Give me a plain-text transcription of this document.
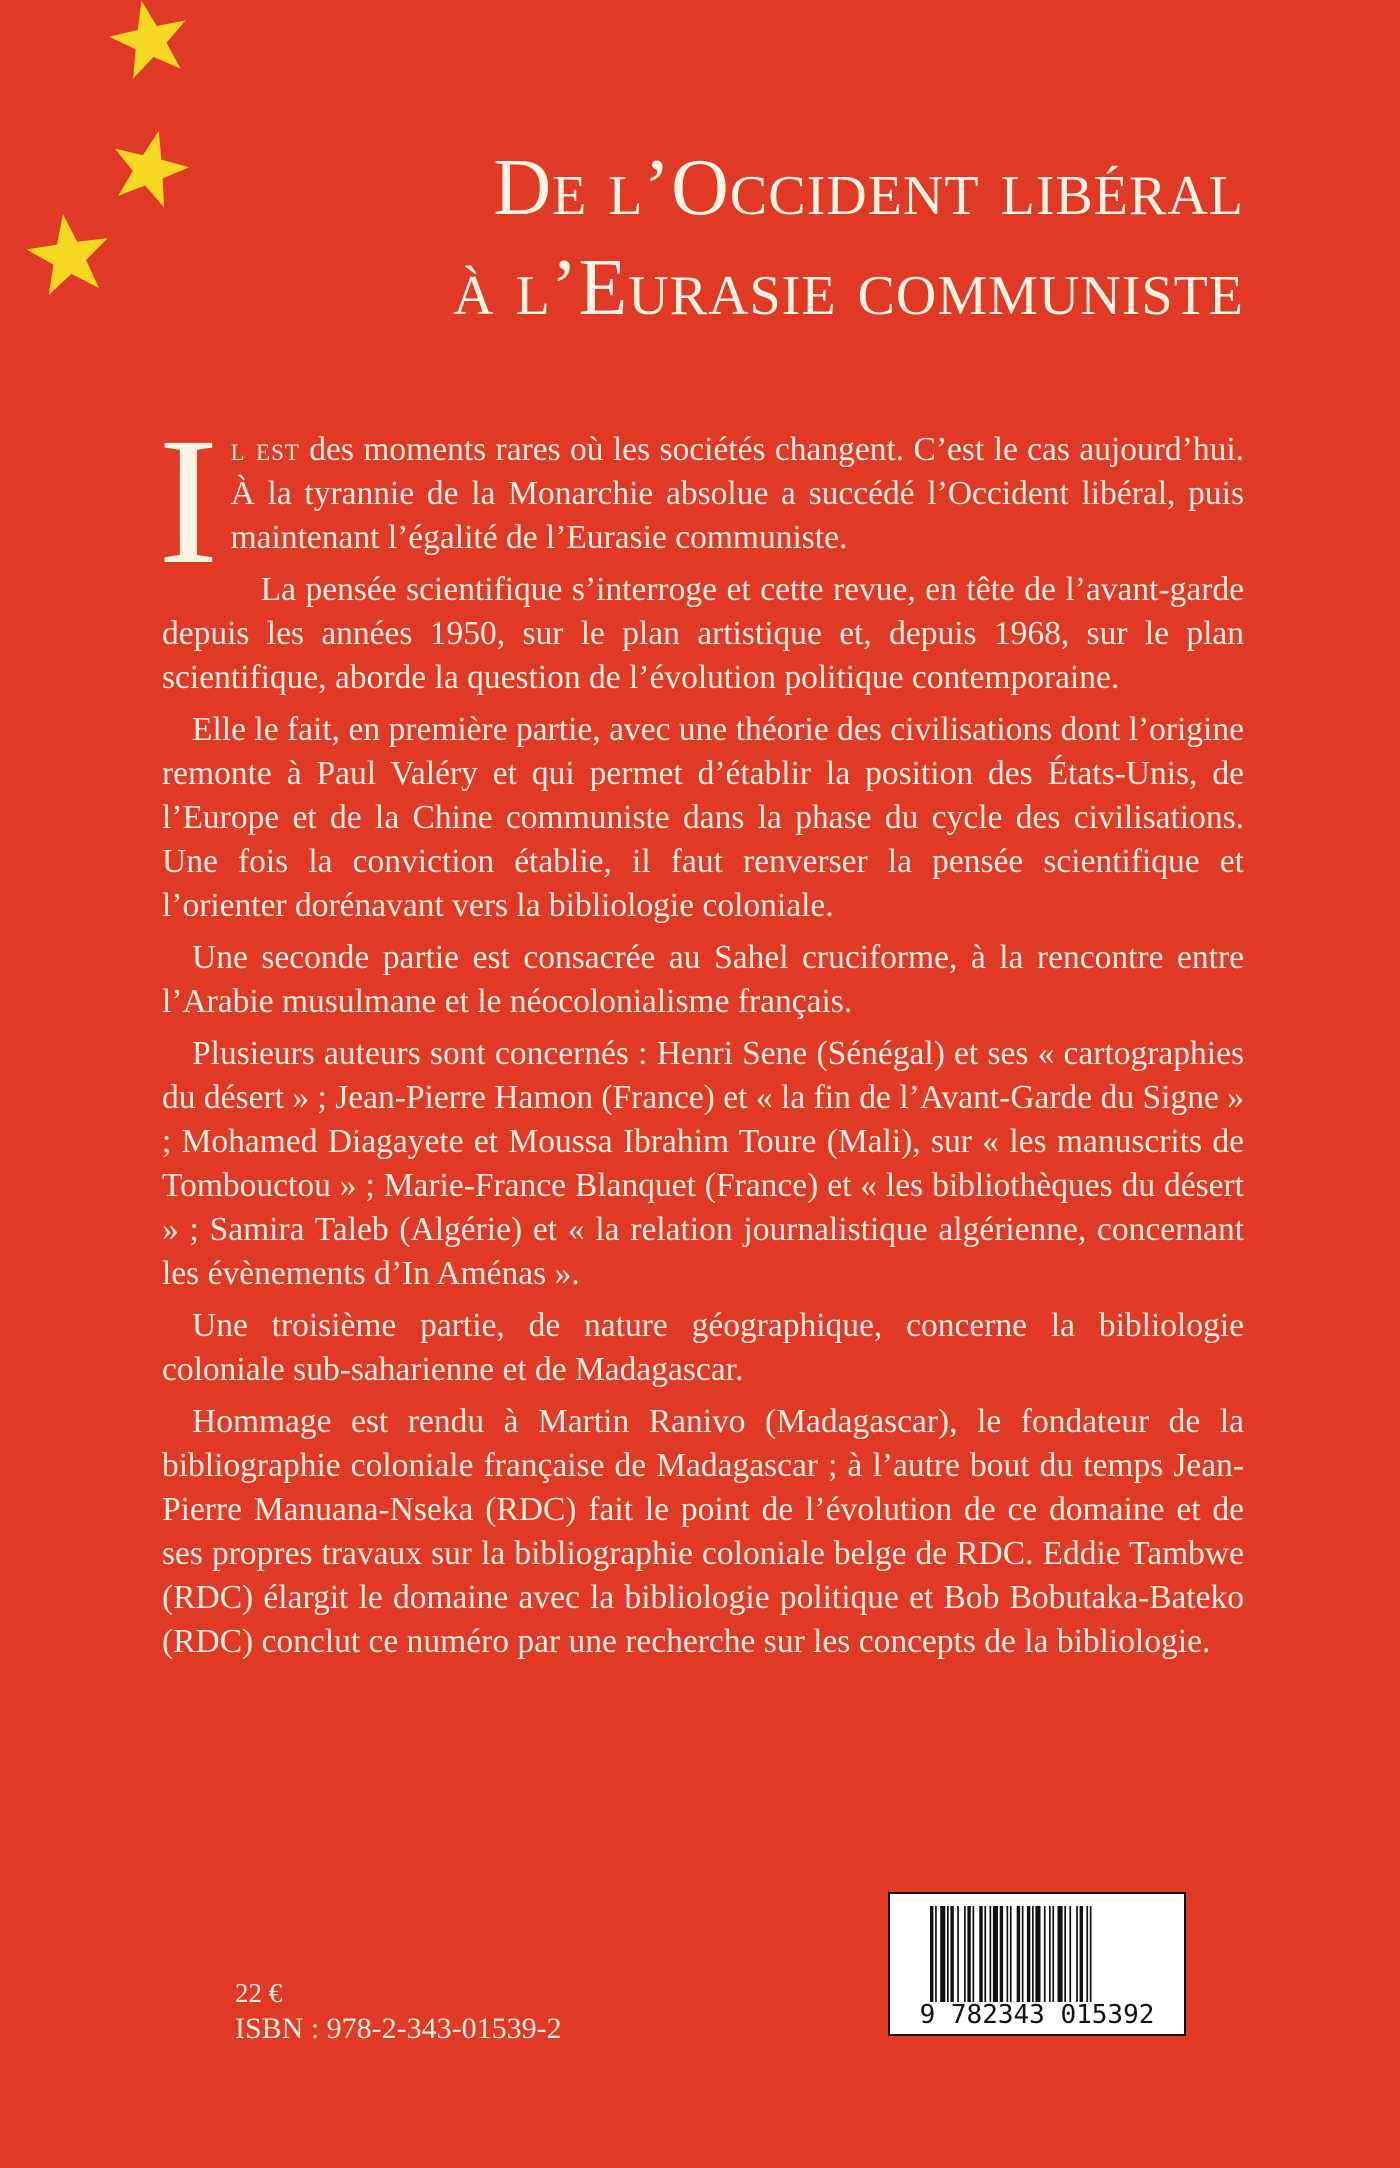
De l’Occident libéral
à l’Eurasie communiste

Il est des moments rares où les sociétés changent. C’est le cas aujourd’hui. À la tyrannie de la Monarchie absolue a succédé l’Occident libéral, puis maintenant l’égalité de l’Eurasie communiste.

La pensée scientifique s’interroge et cette revue, en tête de l’avant-garde depuis les années 1950, sur le plan artistique et, depuis 1968, sur le plan scientifique, aborde la question de l’évolution politique contemporaine.

Elle le fait, en première partie, avec une théorie des civilisations dont l’origine remonte à Paul Valéry et qui permet d’établir la position des États-Unis, de l’Europe et de la Chine communiste dans la phase du cycle des civilisations. Une fois la conviction établie, il faut renverser la pensée scientifique et l’orienter dorénavant vers la bibliologie coloniale.

Une seconde partie est consacrée au Sahel cruciforme, à la rencontre entre l’Arabie musulmane et le néocolonialisme français.

Plusieurs auteurs sont concernés : Henri Sene (Sénégal) et ses « cartographies du désert » ; Jean-Pierre Hamon (France) et « la fin de l’Avant-Garde du Signe » ; Mohamed Diagayete et Moussa Ibrahim Toure (Mali), sur « les manuscrits de Tombouctou » ; Marie-France Blanquet (France) et « les bibliothèques du désert » ; Samira Taleb (Algérie) et « la relation journalistique algérienne, concernant les évènements d’In Aménas ».

Une troisième partie, de nature géographique, concerne la bibliologie coloniale sub-saharienne et de Madagascar.

Hommage est rendu à Martin Ranivo (Madagascar), le fondateur de la bibliographie coloniale française de Madagascar ; à l’autre bout du temps Jean-Pierre Manuana-Nseka (RDC) fait le point de l’évolution de ce domaine et de ses propres travaux sur la bibliographie coloniale belge de RDC. Eddie Tambwe (RDC) élargit le domaine avec la bibliologie politique et Bob Bobutaka-Bateko (RDC) conclut ce numéro par une recherche sur les concepts de la bibliologie.

22 €
ISBN : 978-2-343-01539-2	9 782343 015392
